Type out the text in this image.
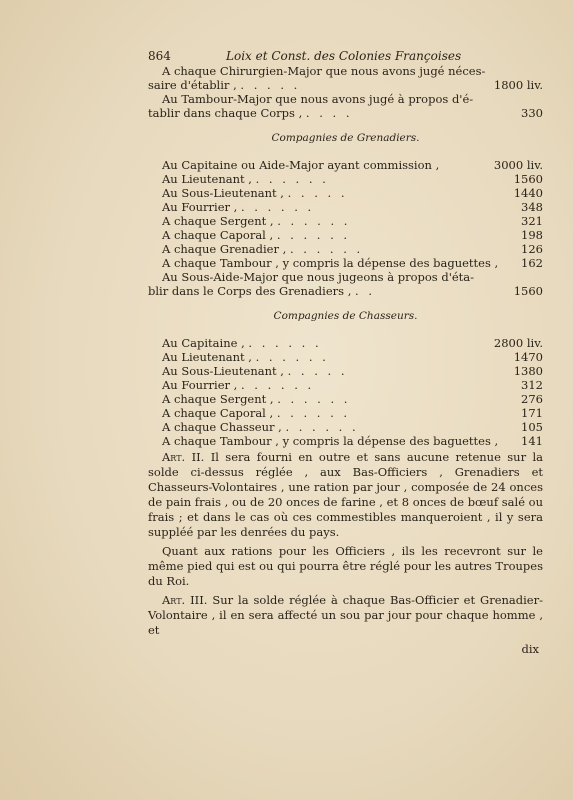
864	Loix et Const. des Colonies Françoises
A chaque Chirurgien-Major que nous avons jugé néces-
saire d'établir , . . . . .	1800 liv.
Au Tambour-Major que nous avons jugé à propos d'é-
tablir dans chaque Corps , . . . .	330
Compagnies de Grenadiers.
Au Capitaine ou Aide-Major ayant commission ,	3000 liv.
Au Lieutenant , . . . . . .	1560
Au Sous-Lieutenant , . . . . .	1440
Au Fourrier , . . . . . .	348
A chaque Sergent , . . . . . .	321
A chaque Caporal , . . . . . .	198
A chaque Grenadier , . . . . . .	126
A chaque Tambour , y compris la dépense des baguettes , 162
Au Sous-Aide-Major que nous jugeons à propos d'éta-
blir dans le Corps des Grenadiers , . .	1560
Compagnies de Chasseurs.
Au Capitaine , . . . . . .	2800 liv.
Au Lieutenant , . . . . . .	1470
Au Sous-Lieutenant , . . . . .	1380
Au Fourrier , . . . . . .	312
A chaque Sergent , . . . . . .	276
A chaque Caporal , . . . . . .	171
A chaque Chasseur , . . . . . .	105
A chaque Tambour , y compris la dépense des baguettes , 141

Art. II. Il sera fourni en outre et sans aucune retenue sur la solde ci-dessus réglée , aux Bas-Officiers , Grenadiers et Chasseurs-Volontaires , une ration par jour , composée de 24 onces de pain frais , ou de 20 onces de farine , et 8 onces de bœuf salé ou frais ; et dans le cas où ces commestibles manqueroient , il y sera suppléé par les denrées du pays.

Quant aux rations pour les Officiers , ils les recevront sur le même pied qui est ou qui pourra être réglé pour les autres Troupes du Roi.

Art. III. Sur la solde réglée à chaque Bas-Officier et Grenadier-Volontaire , il en sera affecté un sou par jour pour chaque homme , et

dix
